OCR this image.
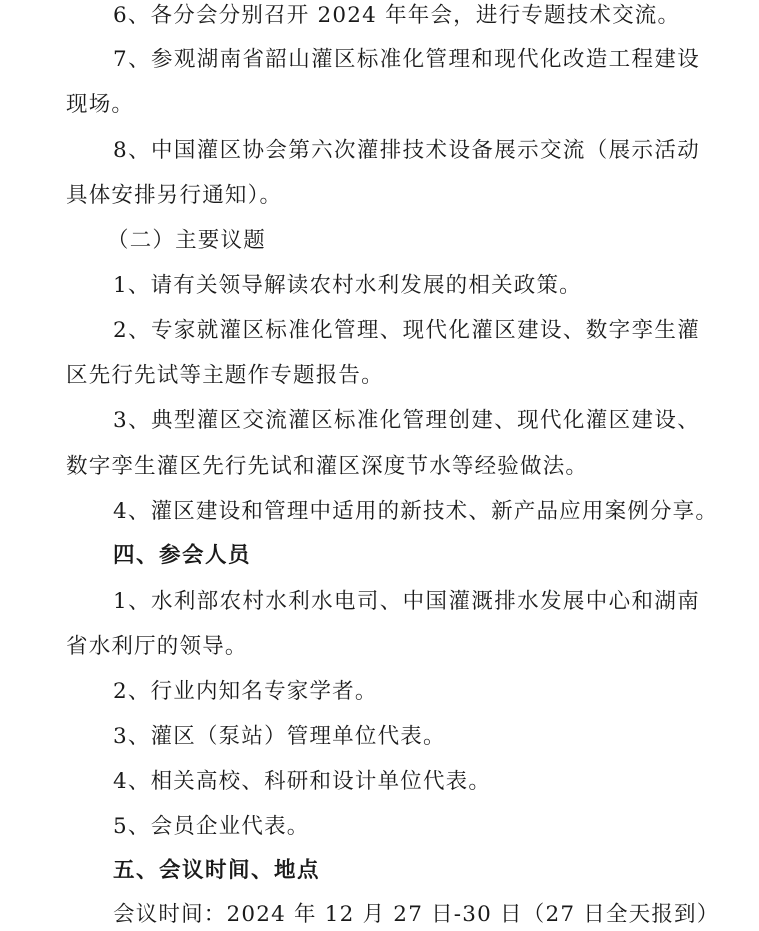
6、各分会分别召开 2024 年年会，进行专题技术交流。
7、参观湖南省韶山灌区标准化管理和现代化改造工程建设
现场。
8、中国灌区协会第六次灌排技术设备展示交流（展示活动
具体安排另行通知）。
（二）主要议题
1、请有关领导解读农村水利发展的相关政策。
2、专家就灌区标准化管理、现代化灌区建设、数字孪生灌
区先行先试等主题作专题报告。
3、典型灌区交流灌区标准化管理创建、现代化灌区建设、
数字孪生灌区先行先试和灌区深度节水等经验做法。
4、灌区建设和管理中适用的新技术、新产品应用案例分享。
四、参会人员
1、水利部农村水利水电司、中国灌溉排水发展中心和湖南
省水利厅的领导。
2、行业内知名专家学者。
3、灌区（泵站）管理单位代表。
4、相关高校、科研和设计单位代表。
5、会员企业代表。
五、会议时间、地点
会议时间：2024 年 12 月 27 日-30 日（27 日全天报到）
